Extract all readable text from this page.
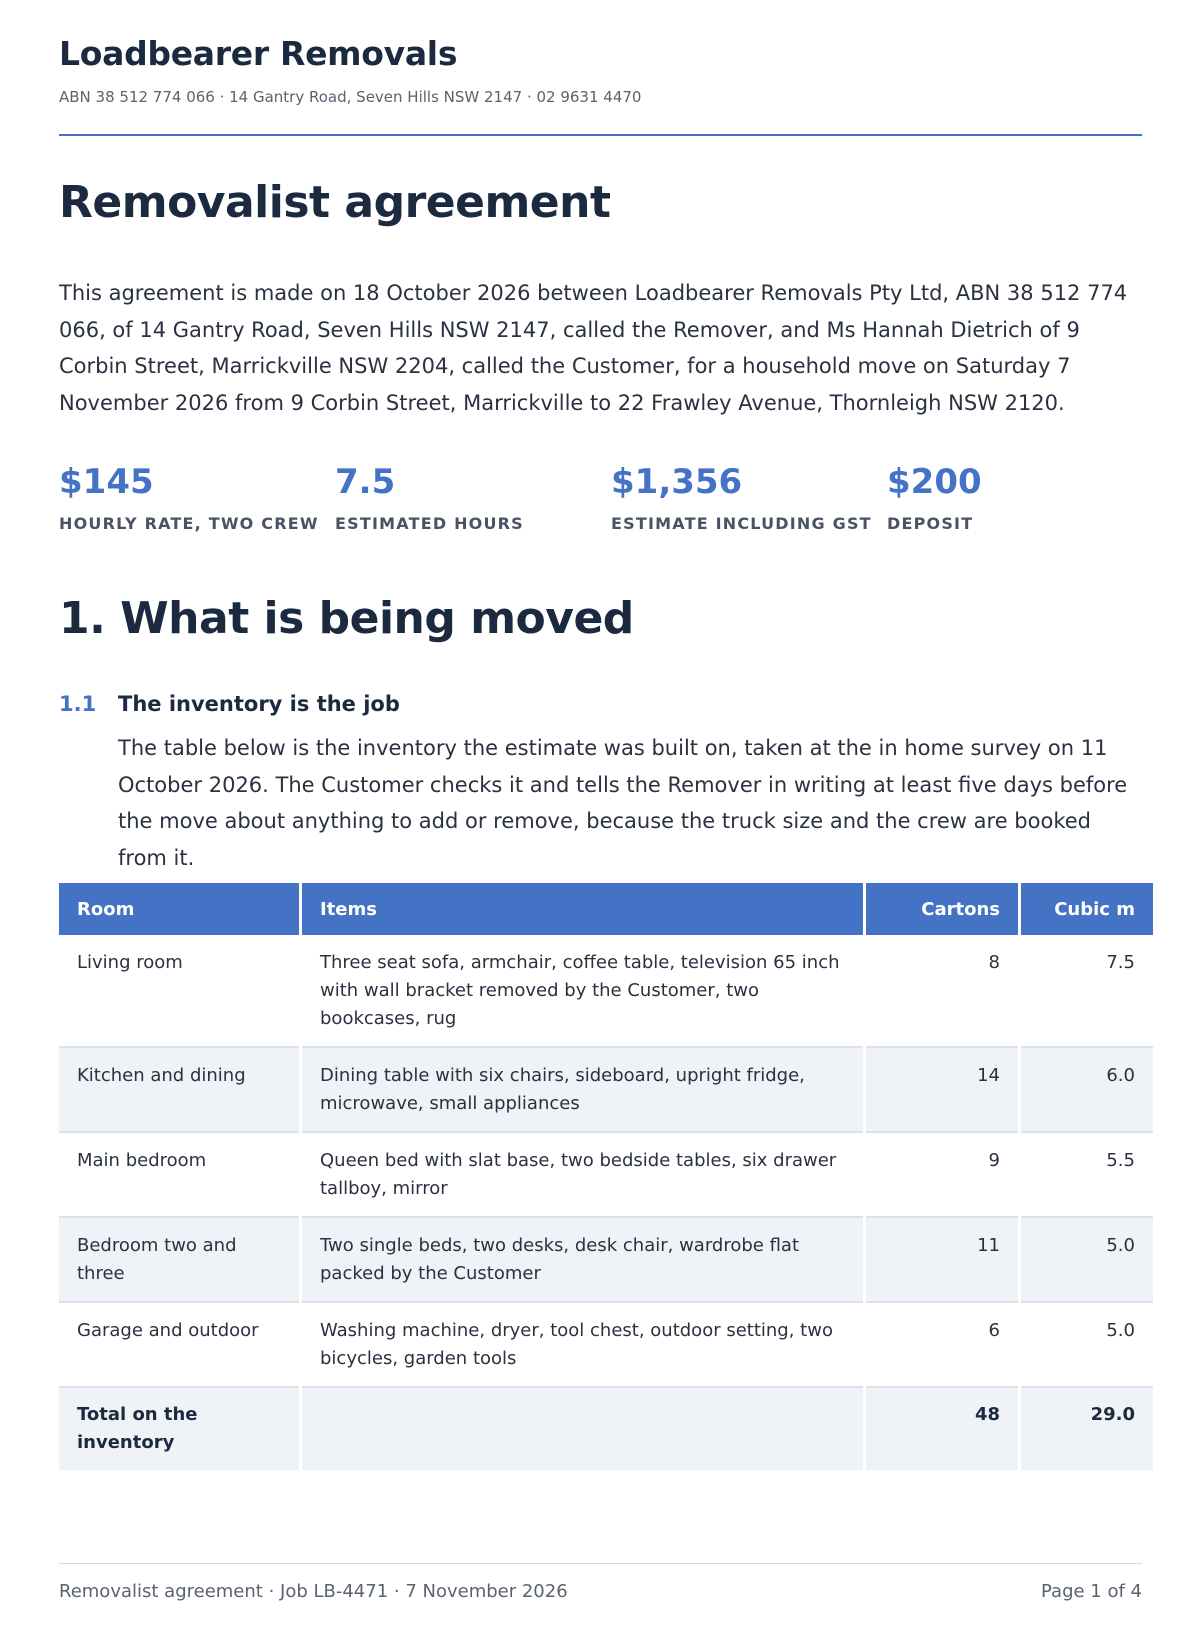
Loadbearer Removals
ABN 38 512 774 066 · 14 Gantry Road, Seven Hills NSW 2147 · 02 9631 4470
Removalist agreement

This agreement is made on 18 October 2026 between Loadbearer Removals Pty Ltd, ABN 38 512 774 066, of 14 Gantry Road, Seven Hills NSW 2147, called the Remover, and Ms Hannah Dietrich of 9 Corbin Street, Marrickville NSW 2204, called the Customer, for a household move on Saturday 7 November 2026 from 9 Corbin Street, Marrickville to 22 Frawley Avenue, Thornleigh NSW 2120.

$145
HOURLY RATE, TWO CREW
7.5
ESTIMATED HOURS
$1,356
ESTIMATE INCLUDING GST
$200
DEPOSIT
1. What is being moved
1.1 The inventory is the job

The table below is the inventory the estimate was built on, taken at the in home survey on 11 October 2026. The Customer checks it and tells the Remover in writing at least five days before the move about anything to add or remove, because the truck size and the crew are booked from it.

Room	Items	Cartons	Cubic m
Living room	Three seat sofa, armchair, coffee table, television 65 inch with wall bracket removed by the Customer, two bookcases, rug	8	7.5
Kitchen and dining	Dining table with six chairs, sideboard, upright fridge, microwave, small appliances	14	6.0
Main bedroom	Queen bed with slat base, two bedside tables, six drawer tallboy, mirror	9	5.5
Bedroom two and three	Two single beds, two desks, desk chair, wardrobe flat packed by the Customer	11	5.0
Garage and outdoor	Washing machine, dryer, tool chest, outdoor setting, two bicycles, garden tools	6	5.0
Total on the inventory		48	29.0
Removalist agreement · Job LB-4471 · 7 November 2026	Page 1 of 4
